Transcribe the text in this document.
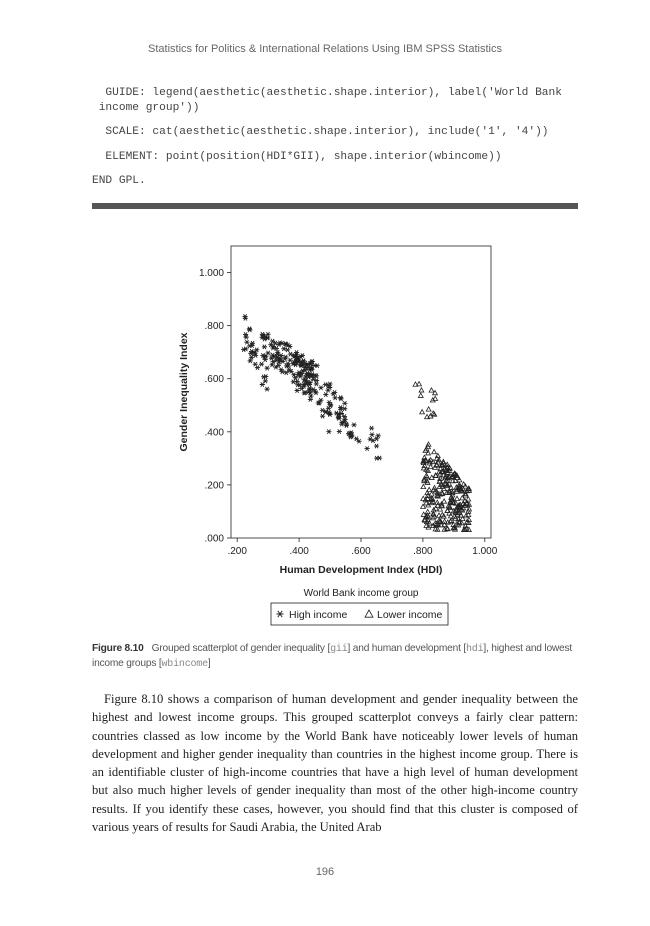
Statistics for Politics & International Relations Using IBM SPSS Statistics
GUIDE: legend(aesthetic(aesthetic.shape.interior), label('World Bank
income group'))
SCALE: cat(aesthetic(aesthetic.shape.interior), include('1', '4'))
ELEMENT: point(position(HDI*GII), shape.interior(wbincome))
END GPL.
.200	.400	.600	.800	1.000
.000
.200
.400
.600
.800
1.000
Human Development Index (HDI)
Gender Inequality Index
World Bank income group
High income	Lower income
Figure 8.10 Grouped scatterplot of gender inequality [gii] and human development [hdi], highest and lowest income groups [wbincome]

Figure 8.10 shows a comparison of human development and gender inequality between the highest and lowest income groups. This grouped scatterplot conveys a fairly clear pattern: countries classed as low income by the World Bank have noticeably lower levels of human development and higher gender inequality than countries in the highest income group. There is an identifiable cluster of high-income countries that have a high level of human development but also much higher levels of gender inequality than most of the other high-income country results. If you identify these cases, however, you should find that this cluster is composed of various years of results for Saudi Arabia, the United Arab

196
